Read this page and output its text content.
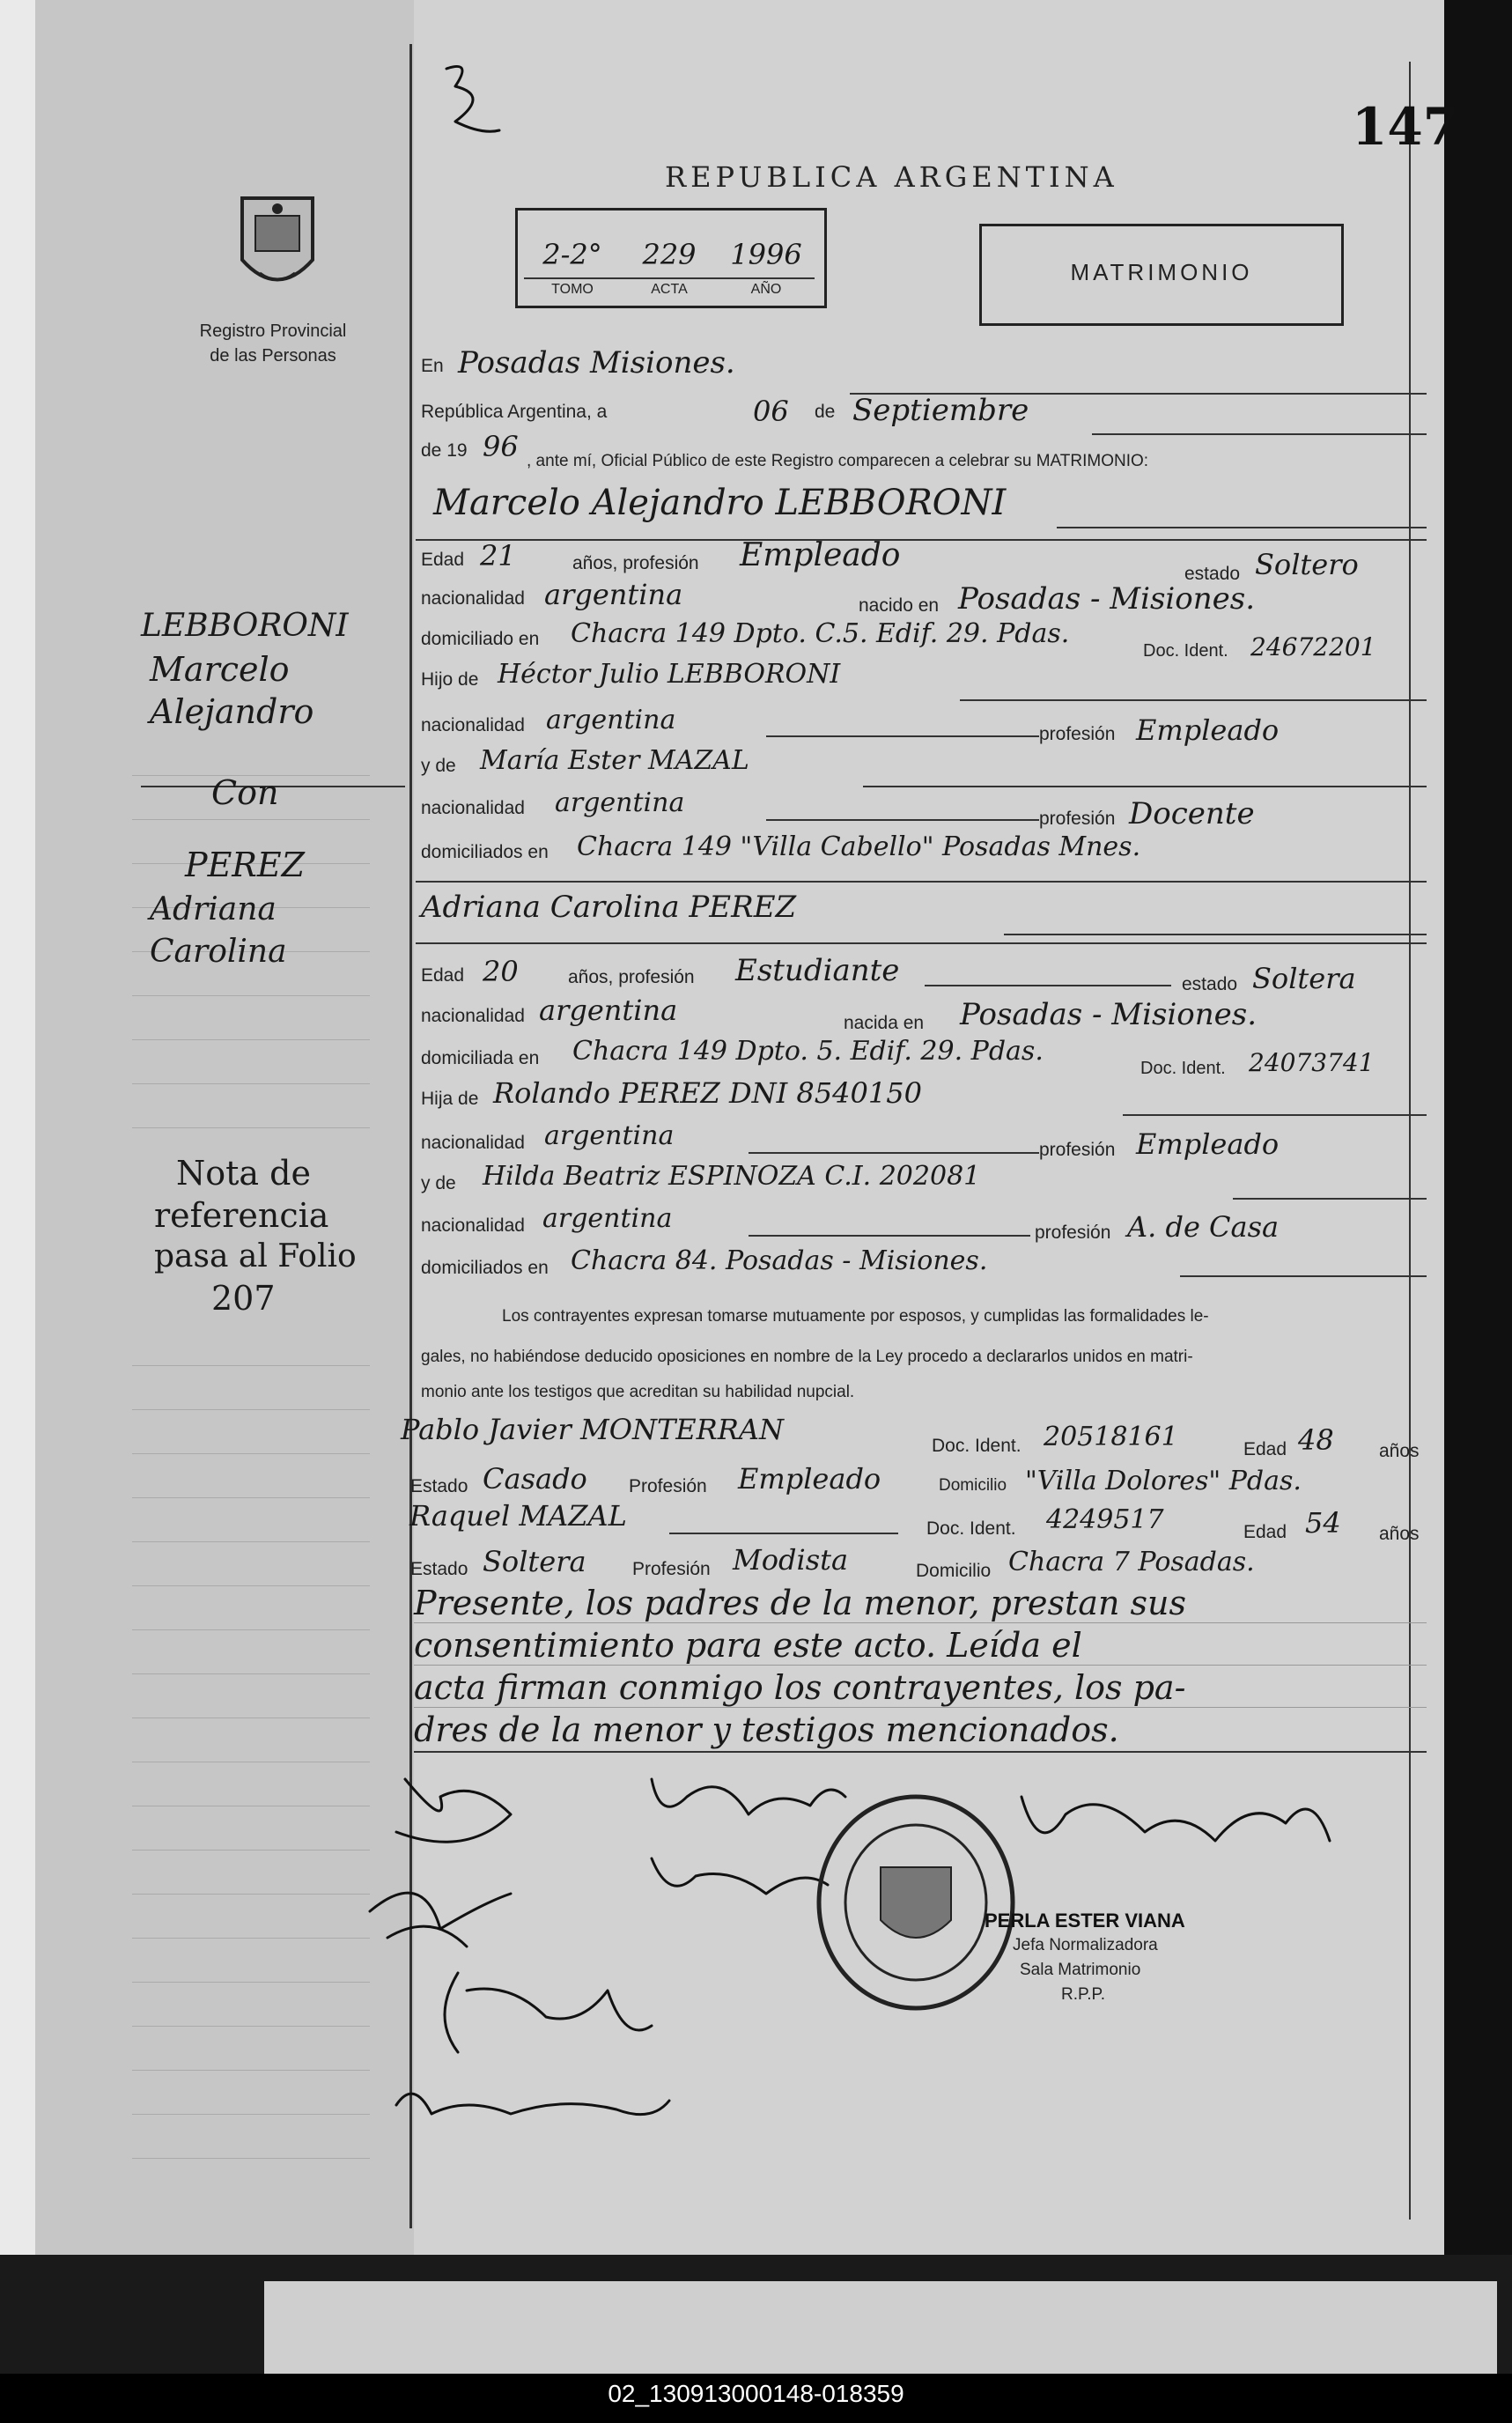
Registro Provincial
de las Personas
147
REPUBLICA ARGENTINA
2-2°	229	1996
TOMO	ACTA	AÑO
MATRIMONIO
En Posadas Misiones.
República Argentina, a	06 de Septiembre
de 19 96 , ante mí, Oficial Público de este Registro comparecen a celebrar su MATRIMONIO:
Marcelo Alejandro LEBBORONI
Edad 21	años, profesión Empleado
estado Soltero
nacionalidad argentina	nacido en Posadas - Misiones.
domiciliado en Chacra 149 Dpto. C.5. Edif. 29. Pdas.
Doc. Ident. 24672201
Hijo de Héctor Julio LEBBORONI
nacionalidad argentina	profesión Empleado
y de María Ester MAZAL
nacionalidad argentina
profesión Docente
domiciliados en Chacra 149 "Villa Cabello" Posadas Mnes.
Adriana Carolina PEREZ
Edad 20	años, profesión Estudiante	estado Soltera
nacionalidad argentina	nacida en Posadas - Misiones.
domiciliada en Chacra 149 Dpto. 5. Edif. 29. Pdas.
Doc. Ident. 24073741
Hija de Rolando PEREZ DNI 8540150
nacionalidad argentina	profesión Empleado
y de Hilda Beatriz ESPINOZA C.I. 202081
nacionalidad argentina	profesión A. de Casa
domiciliados en Chacra 84. Posadas - Misiones.
Los contrayentes expresan tomarse mutuamente por esposos, y cumplidas las formalidades le-
gales, no habiéndose deducido oposiciones en nombre de la Ley procedo a declararlos unidos en matri-
monio ante los testigos que acreditan su habilidad nupcial.
Pablo Javier MONTERRAN	Doc. Ident. 20518161	Edad 48 años
Estado Casado Profesión Empleado	Domicilio "Villa Dolores" Pdas.
Raquel MAZAL	Doc. Ident. 4249517	Edad 54 años
Estado Soltera Profesión Modista	Domicilio Chacra 7 Posadas.
Presente, los padres de la menor, prestan sus
consentimiento para este acto. Leída el
acta firman conmigo los contrayentes, los pa-
dres de la menor y testigos mencionados.
LEBBORONI
Marcelo
Alejandro
Con
PEREZ
Adriana
Carolina
Nota de
referencia
pasa al Folio
207
PERLA ESTER VIANA
Jefa Normalizadora
Sala Matrimonio
R.P.P.
02_130913000148-018359
